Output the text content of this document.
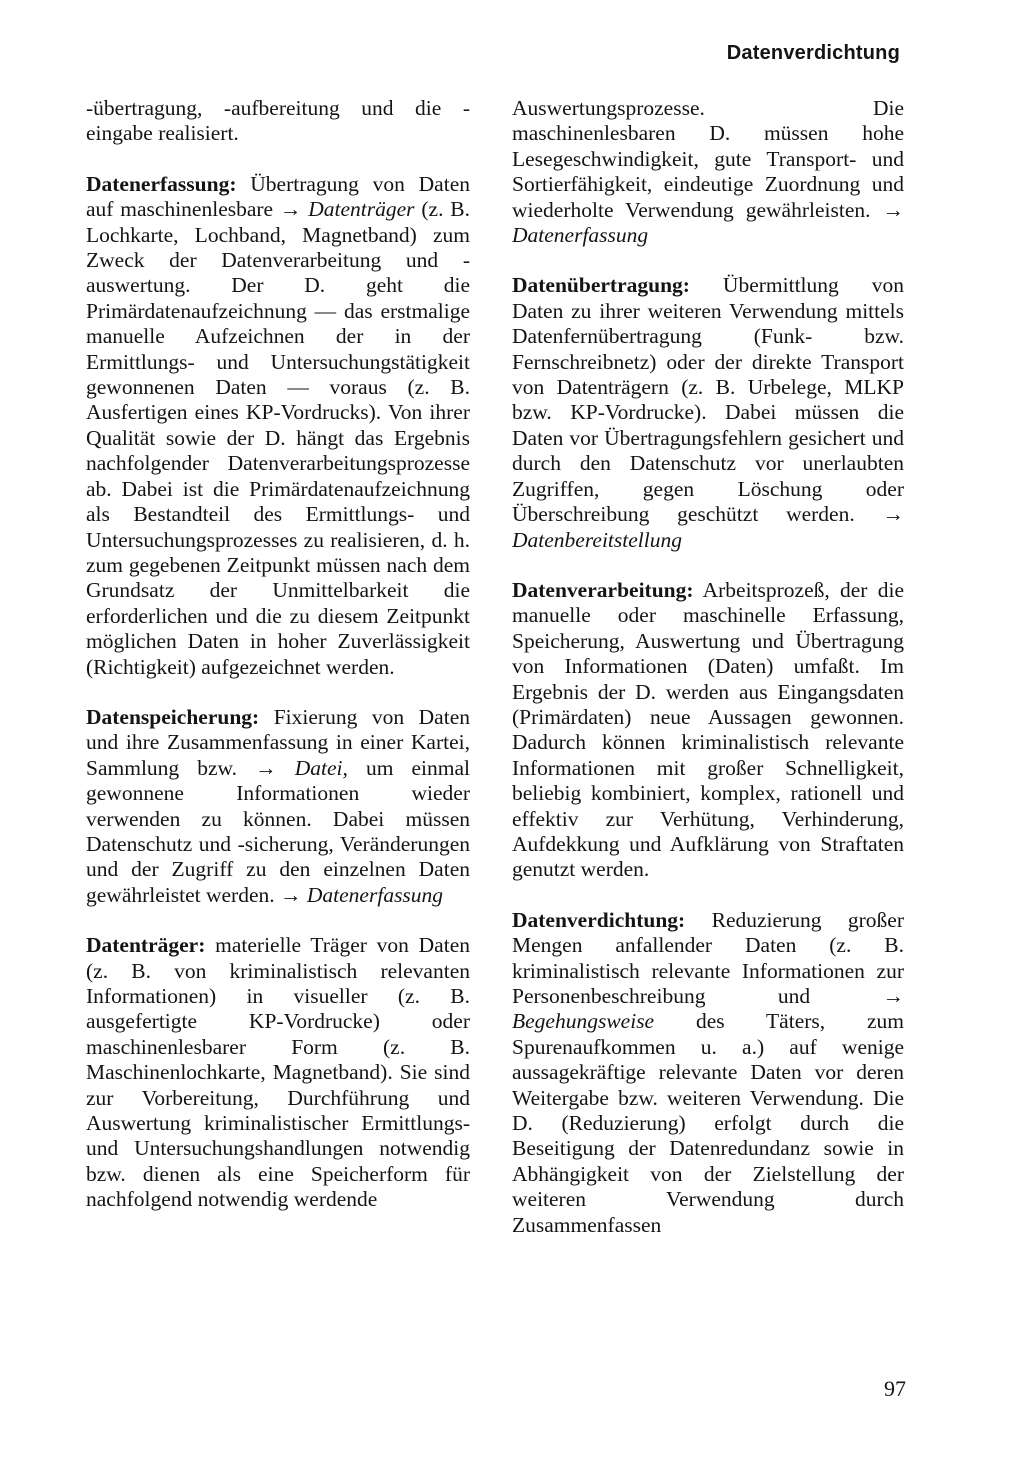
Datenverdichtung

-übertragung, -aufbereitung und die -eingabe realisiert.

Datenerfassung: Übertragung von Daten auf maschinenlesbare → Datenträger (z. B. Lochkarte, Lochband, Magnetband) zum Zweck der Datenverarbeitung und -auswertung. Der D. geht die Primärdatenaufzeichnung — das erstmalige manuelle Aufzeichnen der in der Ermittlungs- und Untersuchungstätigkeit gewonnenen Daten — voraus (z. B. Ausfertigen eines KP-Vordrucks). Von ihrer Qualität sowie der D. hängt das Ergebnis nachfolgender Datenverarbeitungsprozesse ab. Dabei ist die Primärdatenaufzeichnung als Bestandteil des Ermittlungs- und Untersuchungsprozesses zu realisieren, d. h. zum gegebenen Zeitpunkt müssen nach dem Grundsatz der Unmittelbarkeit die erforderlichen und die zu diesem Zeitpunkt möglichen Daten in hoher Zuverlässigkeit (Richtigkeit) aufgezeichnet werden.

Datenspeicherung: Fixierung von Daten und ihre Zusammenfassung in einer Kartei, Sammlung bzw. → Datei, um einmal gewonnene Informationen wieder verwenden zu können. Dabei müssen Datenschutz und -sicherung, Veränderungen und der Zugriff zu den einzelnen Daten gewährleistet werden. → Datenerfassung

Datenträger: materielle Träger von Daten (z. B. von kriminalistisch relevanten Informationen) in visueller (z. B. ausgefertigte KP-Vordrucke) oder maschinenlesbarer Form (z. B. Maschinenlochkarte, Magnetband). Sie sind zur Vorbereitung, Durchführung und Auswertung kriminalistischer Ermittlungs- und Untersuchungshandlungen notwendig bzw. dienen als eine Speicherform für nachfolgend notwendig werdende

Auswertungsprozesse. Die maschinenlesbaren D. müssen hohe Lesegeschwindigkeit, gute Transport- und Sortierfähigkeit, eindeutige Zuordnung und wiederholte Verwendung gewährleisten. → Datenerfassung

Datenübertragung: Übermittlung von Daten zu ihrer weiteren Verwendung mittels Datenfernübertragung (Funk- bzw. Fernschreibnetz) oder der direkte Transport von Datenträgern (z. B. Urbelege, MLKP bzw. KP-Vordrucke). Dabei müssen die Daten vor Übertragungsfehlern gesichert und durch den Datenschutz vor unerlaubten Zugriffen, gegen Löschung oder Überschreibung geschützt werden. → Datenbereitstellung

Datenverarbeitung: Arbeitsprozeß, der die manuelle oder maschinelle Erfassung, Speicherung, Auswertung und Übertragung von Informationen (Daten) umfaßt. Im Ergebnis der D. werden aus Eingangsdaten (Primärdaten) neue Aussagen gewonnen. Dadurch können kriminalistisch relevante Informationen mit großer Schnelligkeit, beliebig kombiniert, komplex, rationell und effektiv zur Verhütung, Verhinderung, Aufdekkung und Aufklärung von Straftaten genutzt werden.

Datenverdichtung: Reduzierung großer Mengen anfallender Daten (z. B. kriminalistisch relevante Informationen zur Personenbeschreibung und → Begehungsweise des Täters, zum Spurenaufkommen u. a.) auf wenige aussagekräftige relevante Daten vor deren Weitergabe bzw. weiteren Verwendung. Die D. (Reduzierung) erfolgt durch die Beseitigung der Datenredundanz sowie in Abhängigkeit von der Zielstellung der weiteren Verwendung durch Zusammenfassen

97
